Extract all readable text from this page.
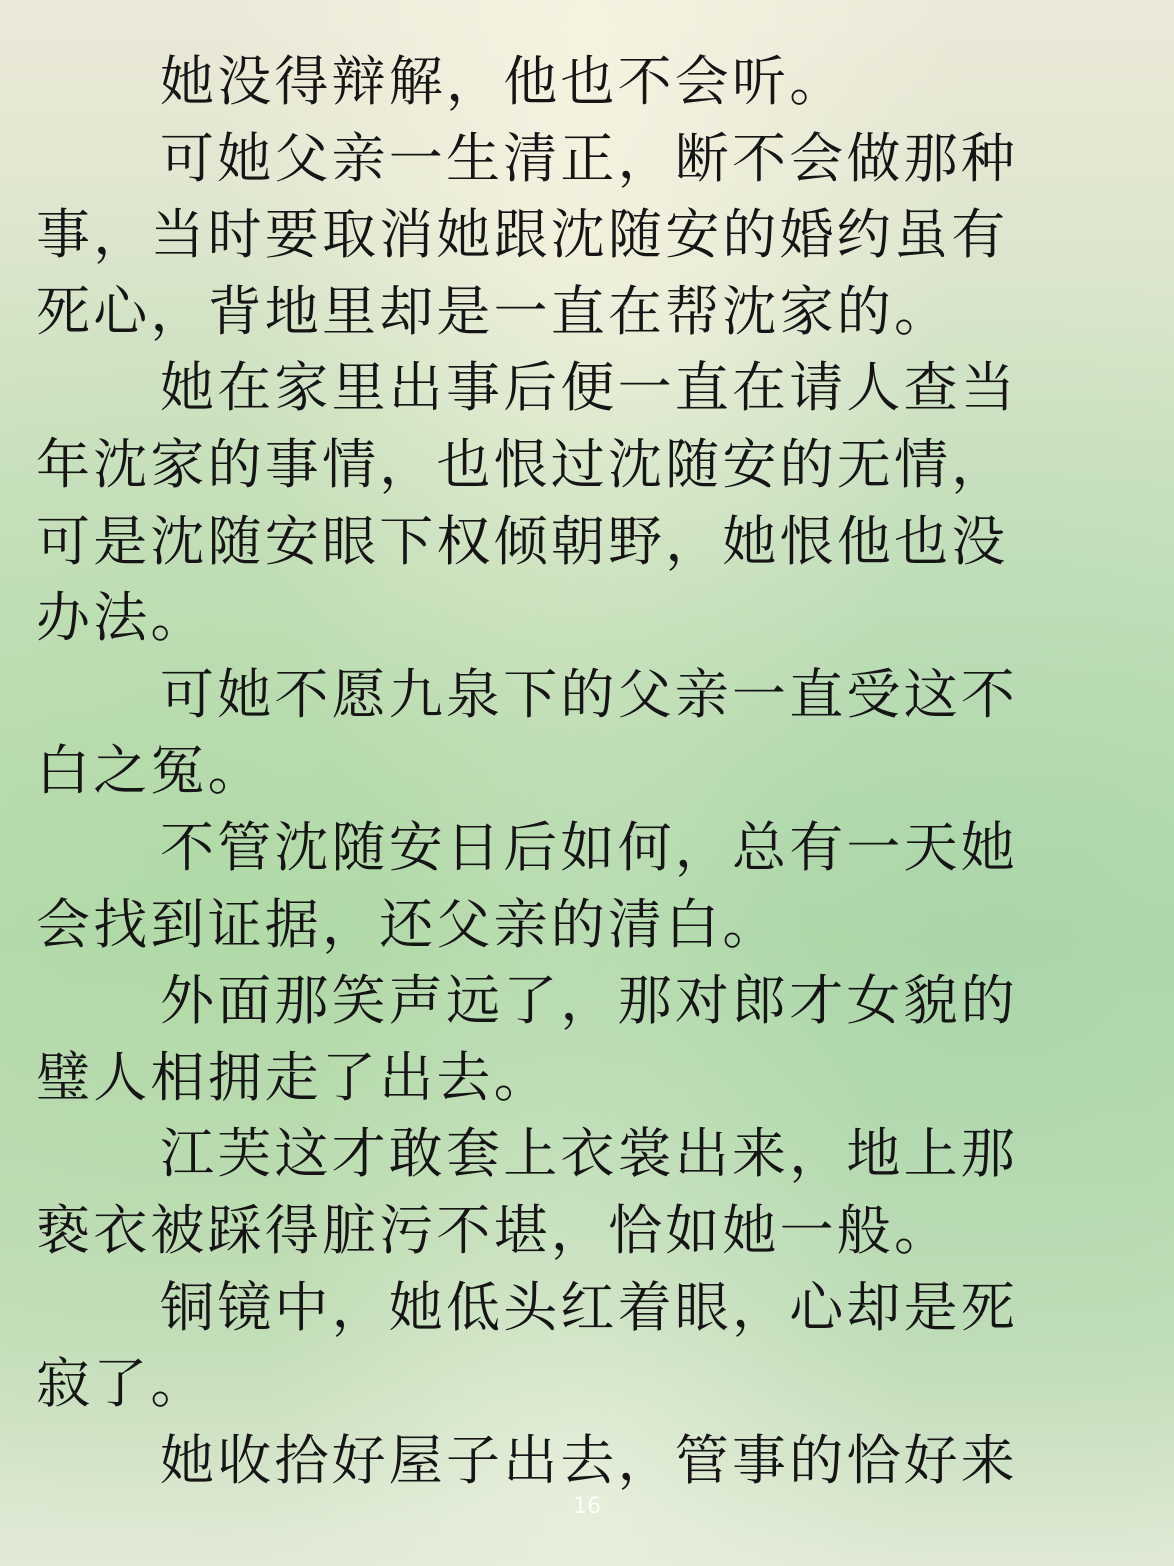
她没得辩解，他也不会听。
可她父亲一生清正，断不会做那种
事，当时要取消她跟沈随安的婚约虽有
死心，背地里却是一直在帮沈家的。
她在家里出事后便一直在请人查当
年沈家的事情，也恨过沈随安的无情，
可是沈随安眼下权倾朝野，她恨他也没
办法。
可她不愿九泉下的父亲一直受这不
白之冤。
不管沈随安日后如何，总有一天她
会找到证据，还父亲的清白。
外面那笑声远了，那对郎才女貌的
璧人相拥走了出去。
江芙这才敢套上衣裳出来，地上那
亵衣被踩得脏污不堪，恰如她一般。
铜镜中，她低头红着眼，心却是死
寂了。
她收拾好屋子出去，管事的恰好来
16
